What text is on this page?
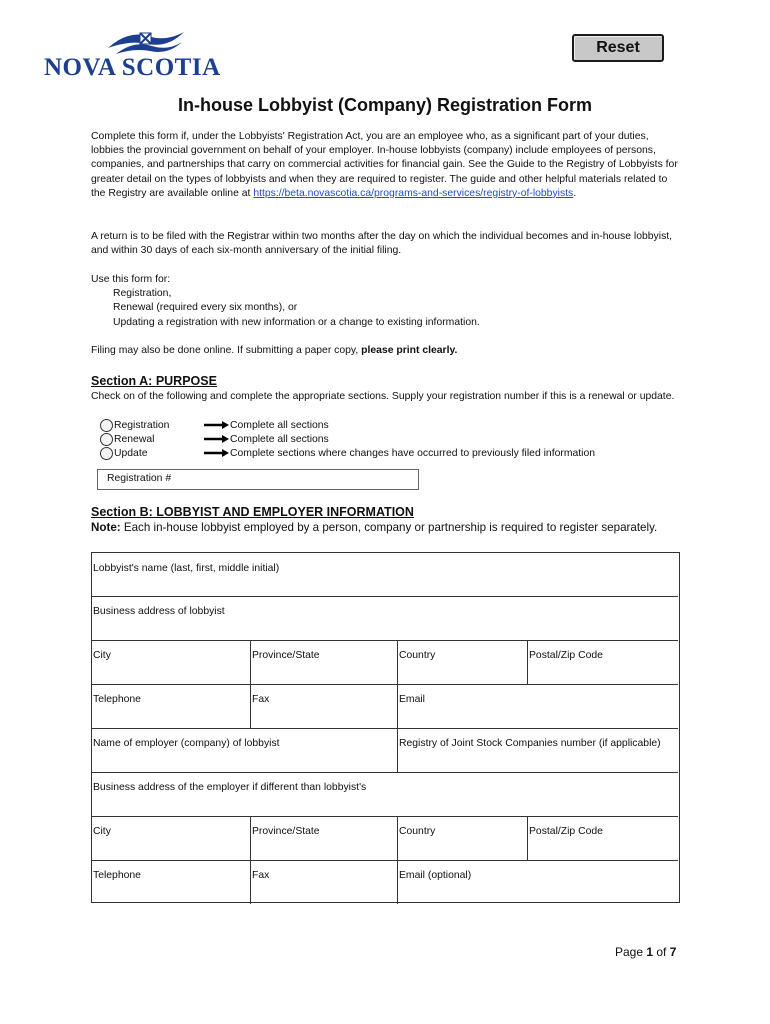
NOVA SCOTIA
Reset
In-house Lobbyist (Company) Registration Form
Complete this form if, under the Lobbyists' Registration Act, you are an employee who, as a significant part of your duties, lobbies the provincial government on behalf of your employer. In-house lobbyists (company) include employees of persons, companies, and partnerships that carry on commercial activities for financial gain. See the Guide to the Registry of Lobbyists for greater detail on the types of lobbyists and when they are required to register. The guide and other helpful materials related to the Registry are available online at https://beta.novascotia.ca/programs-and-services/registry-of-lobbyists.
A return is to be filed with the Registrar within two months after the day on which the individual becomes and in-house lobbyist, and within 30 days of each six-month anniversary of the initial filing.
Use this form for:
Registration,
Renewal (required every six months), or
Updating a registration with new information or a change to existing information.
Filing may also be done online. If submitting a paper copy, please print clearly.
Section A: PURPOSE
Check on of the following and complete the appropriate sections. Supply your registration number if this is a renewal or update.
Registration	Complete all sections
Renewal	Complete all sections
Update	Complete sections where changes have occurred to previously filed information
Registration #
Section B: LOBBYIST AND EMPLOYER INFORMATION
Note: Each in-house lobbyist employed by a person, company or partnership is required to register separately.
Lobbyist's name (last, first, middle initial)
Business address of lobbyist
City	Province/State	Country	Postal/Zip Code
Telephone	Fax	Email
Name of employer (company) of lobbyist	Registry of Joint Stock Companies number (if applicable)
Business address of the employer if different than lobbyist's
City	Province/State	Country	Postal/Zip Code
Telephone	Fax	Email (optional)
Page 1 of 7
